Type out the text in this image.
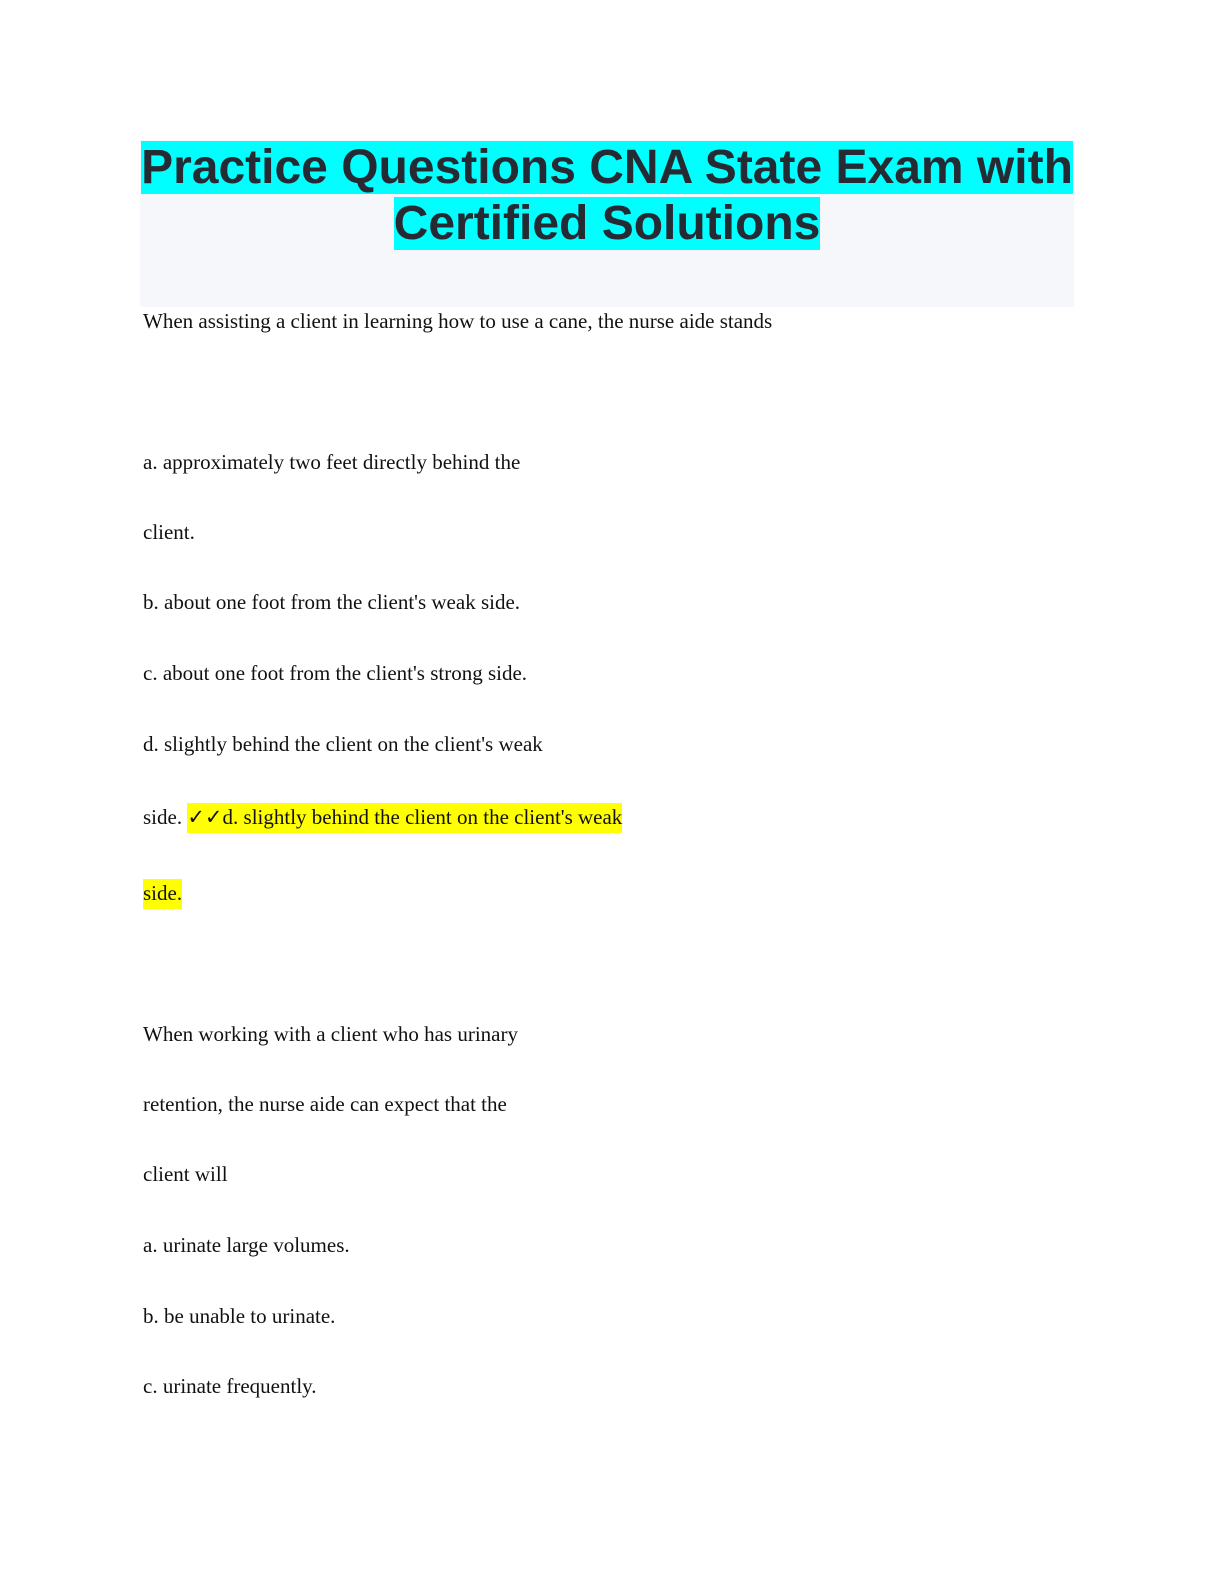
Practice Questions CNA State Exam with
Certified Solutions

When assisting a client in learning how to use a cane, the nurse aide stands

a. approximately two feet directly behind the

client.

b. about one foot from the client's weak side.

c. about one foot from the client's strong side.

d. slightly behind the client on the client's weak

side. ✓✓d. slightly behind the client on the client's weak

side.

When working with a client who has urinary

retention, the nurse aide can expect that the

client will

a. urinate large volumes.

b. be unable to urinate.

c. urinate frequently.
